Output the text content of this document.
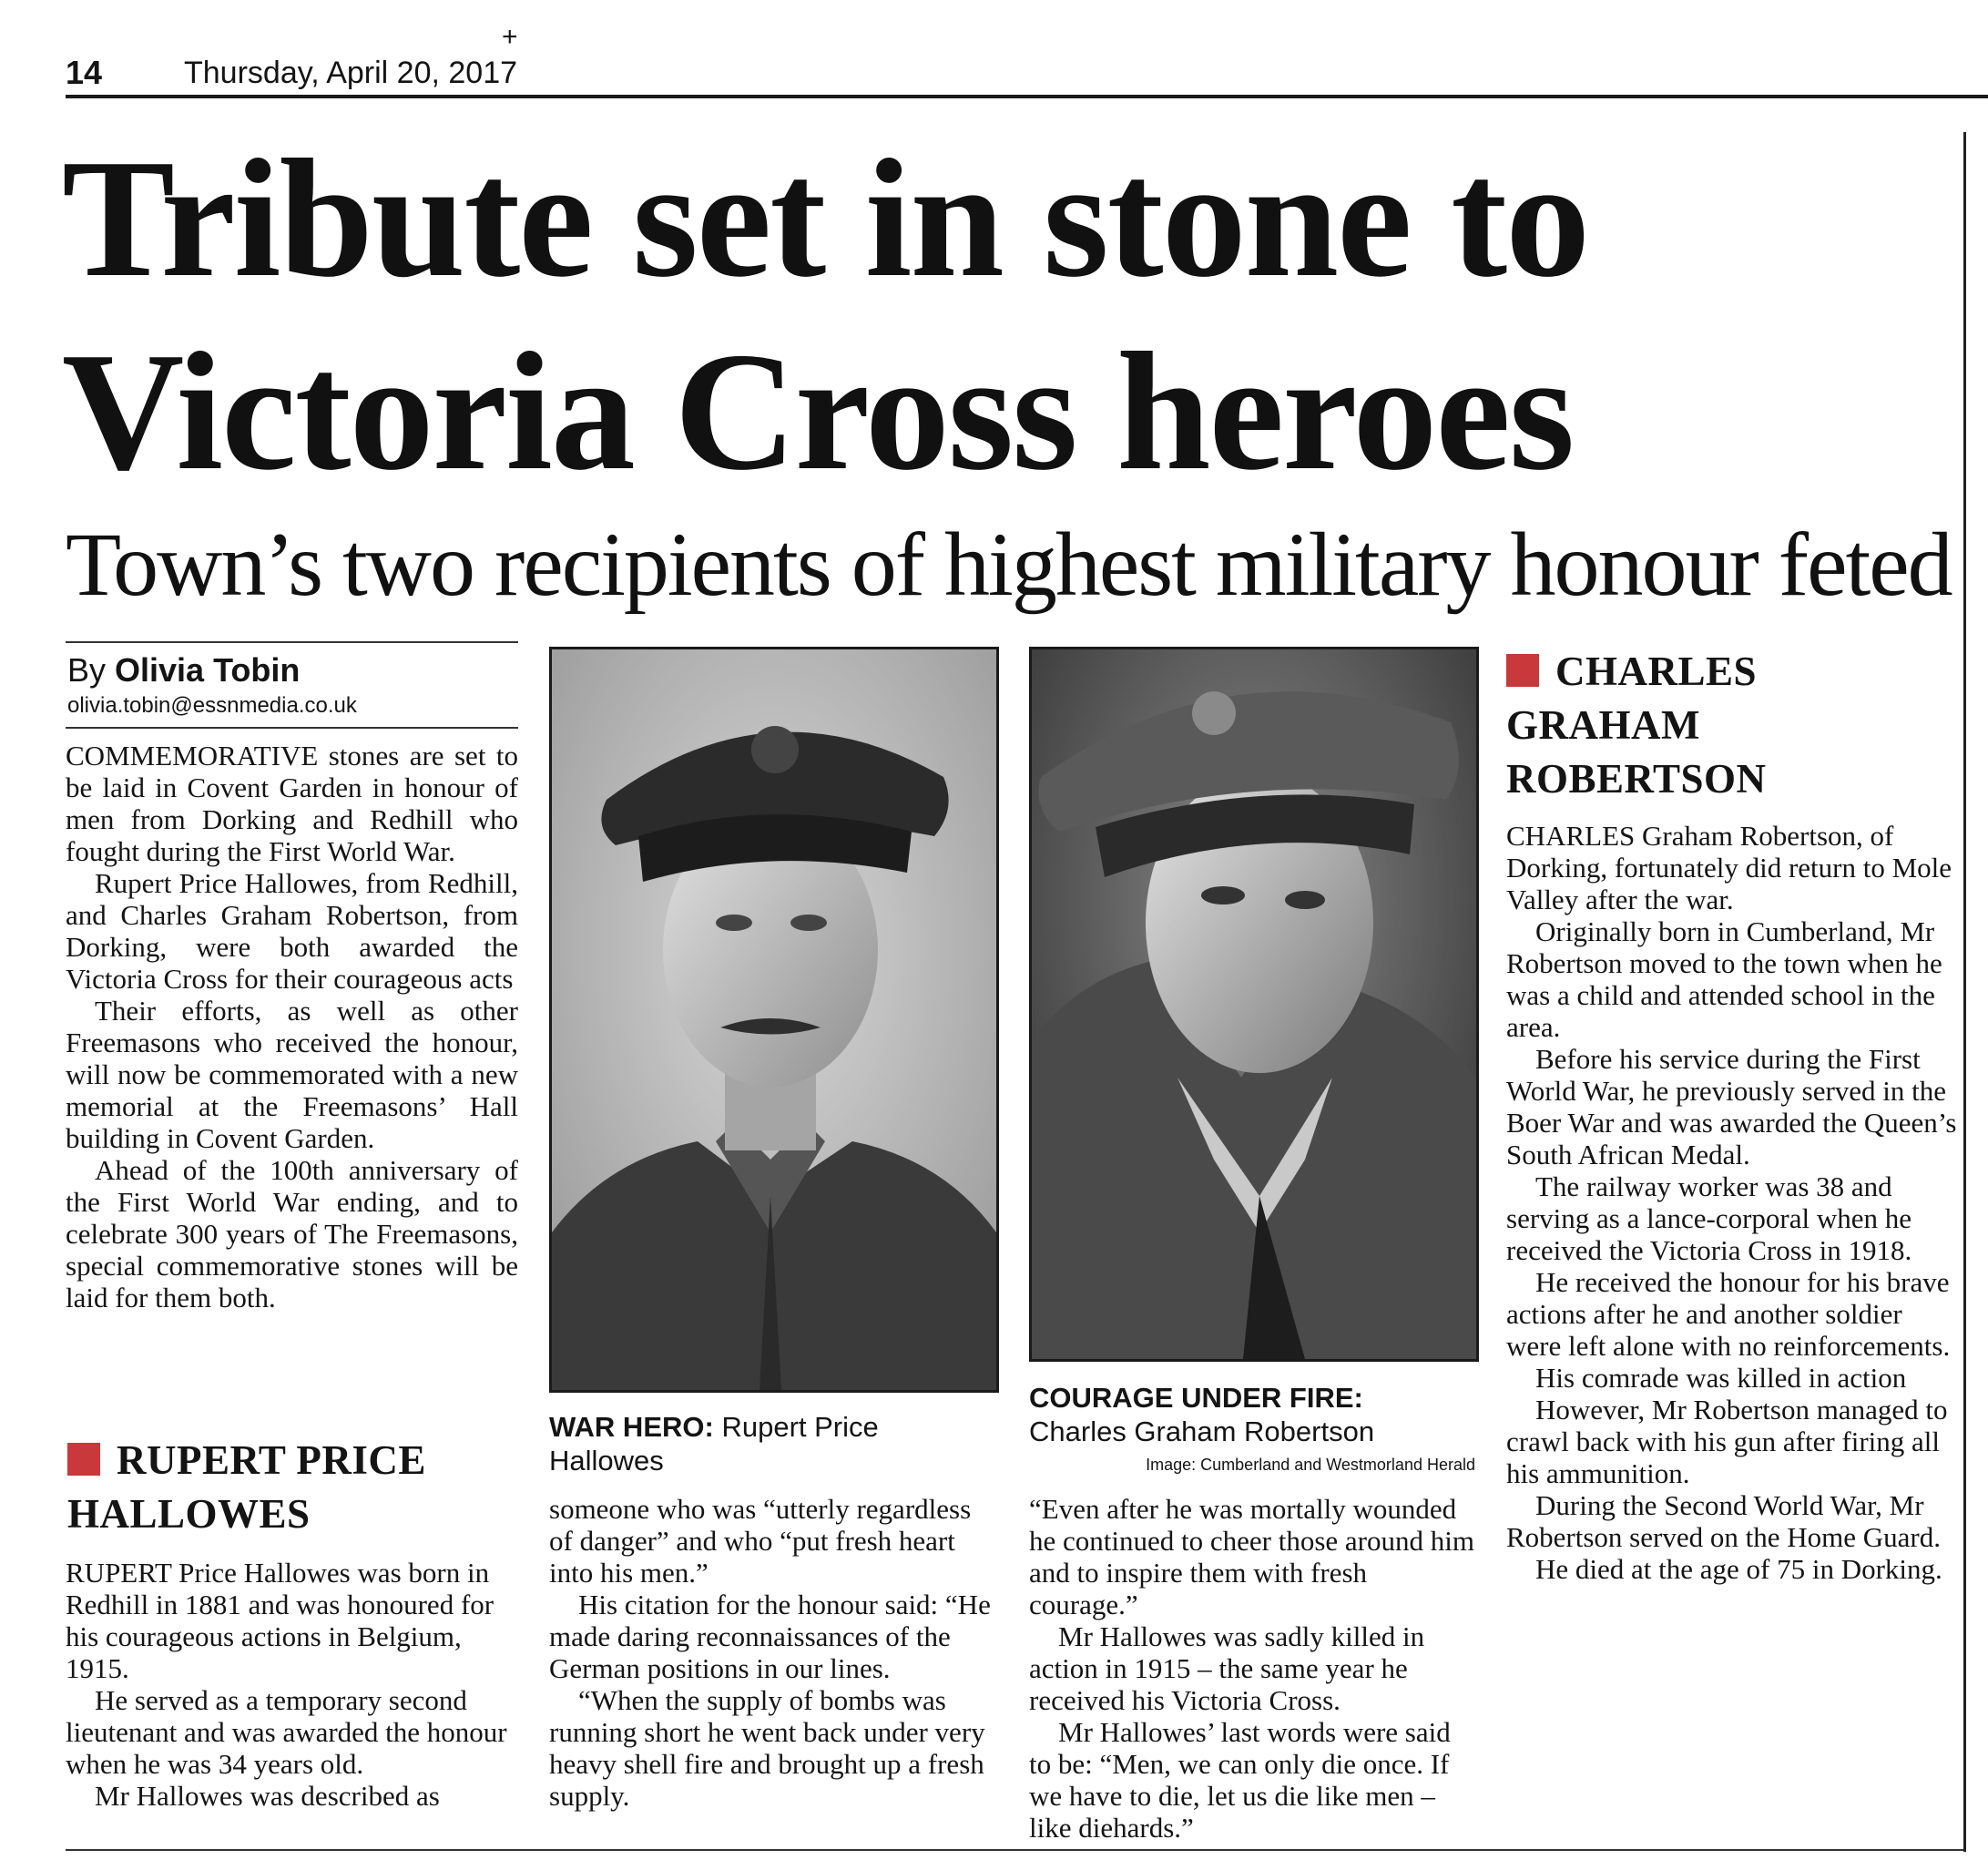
14	Thursday, April 20, 2017
+
Tribute set in stone to
Victoria Cross heroes
Town’s two recipients of highest military honour feted
By Olivia Tobin
olivia.tobin@essnmedia.co.uk

COMMEMORATIVE stones are set to be laid in Covent Garden in honour of men from Dorking and Redhill who fought during the First World War.

Rupert Price Hallowes, from Redhill, and Charles Graham Robertson, from Dorking, were both awarded the Victoria Cross for their courageous acts

Their efforts, as well as other Freemasons who received the honour, will now be commemorated with a new memorial at the Freemasons’ Hall building in Covent Garden.

Ahead of the 100th anniversary of the First World War ending, and to celebrate 300 years of The Freemasons, special commemorative stones will be laid for them both.

RUPERT PRICE HALLOWES

RUPERT Price Hallowes was born in Redhill in 1881 and was honoured for his courageous actions in Belgium, 1915.

He served as a temporary second lieutenant and was awarded the honour when he was 34 years old.

Mr Hallowes was described as

WAR HERO: Rupert Price Hallowes

someone who was “utterly regardless of danger” and who “put fresh heart into his men.”

His citation for the honour said: “He made daring reconnaissances of the German positions in our lines.

“When the supply of bombs was running short he went back under very heavy shell fire and brought up a fresh supply.

COURAGE UNDER FIRE:
Charles Graham Robertson
Image: Cumberland and Westmorland Herald

“Even after he was mortally wounded he continued to cheer those around him and to inspire them with fresh courage.”

Mr Hallowes was sadly killed in action in 1915 – the same year he received his Victoria Cross.

Mr Hallowes’ last words were said to be: “Men, we can only die once. If we have to die, let us die like men – like diehards.”

CHARLES GRAHAM ROBERTSON

CHARLES Graham Robertson, of Dorking, fortunately did return to Mole Valley after the war.

Originally born in Cumberland, Mr Robertson moved to the town when he was a child and attended school in the area.

Before his service during the First World War, he previously served in the Boer War and was awarded the Queen’s South African Medal.

The railway worker was 38 and serving as a lance-corporal when he received the Victoria Cross in 1918.

He received the honour for his brave actions after he and another soldier were left alone with no reinforcements.

His comrade was killed in action

However, Mr Robertson managed to crawl back with his gun after firing all his ammunition.

During the Second World War, Mr Robertson served on the Home Guard.

He died at the age of 75 in Dorking.
